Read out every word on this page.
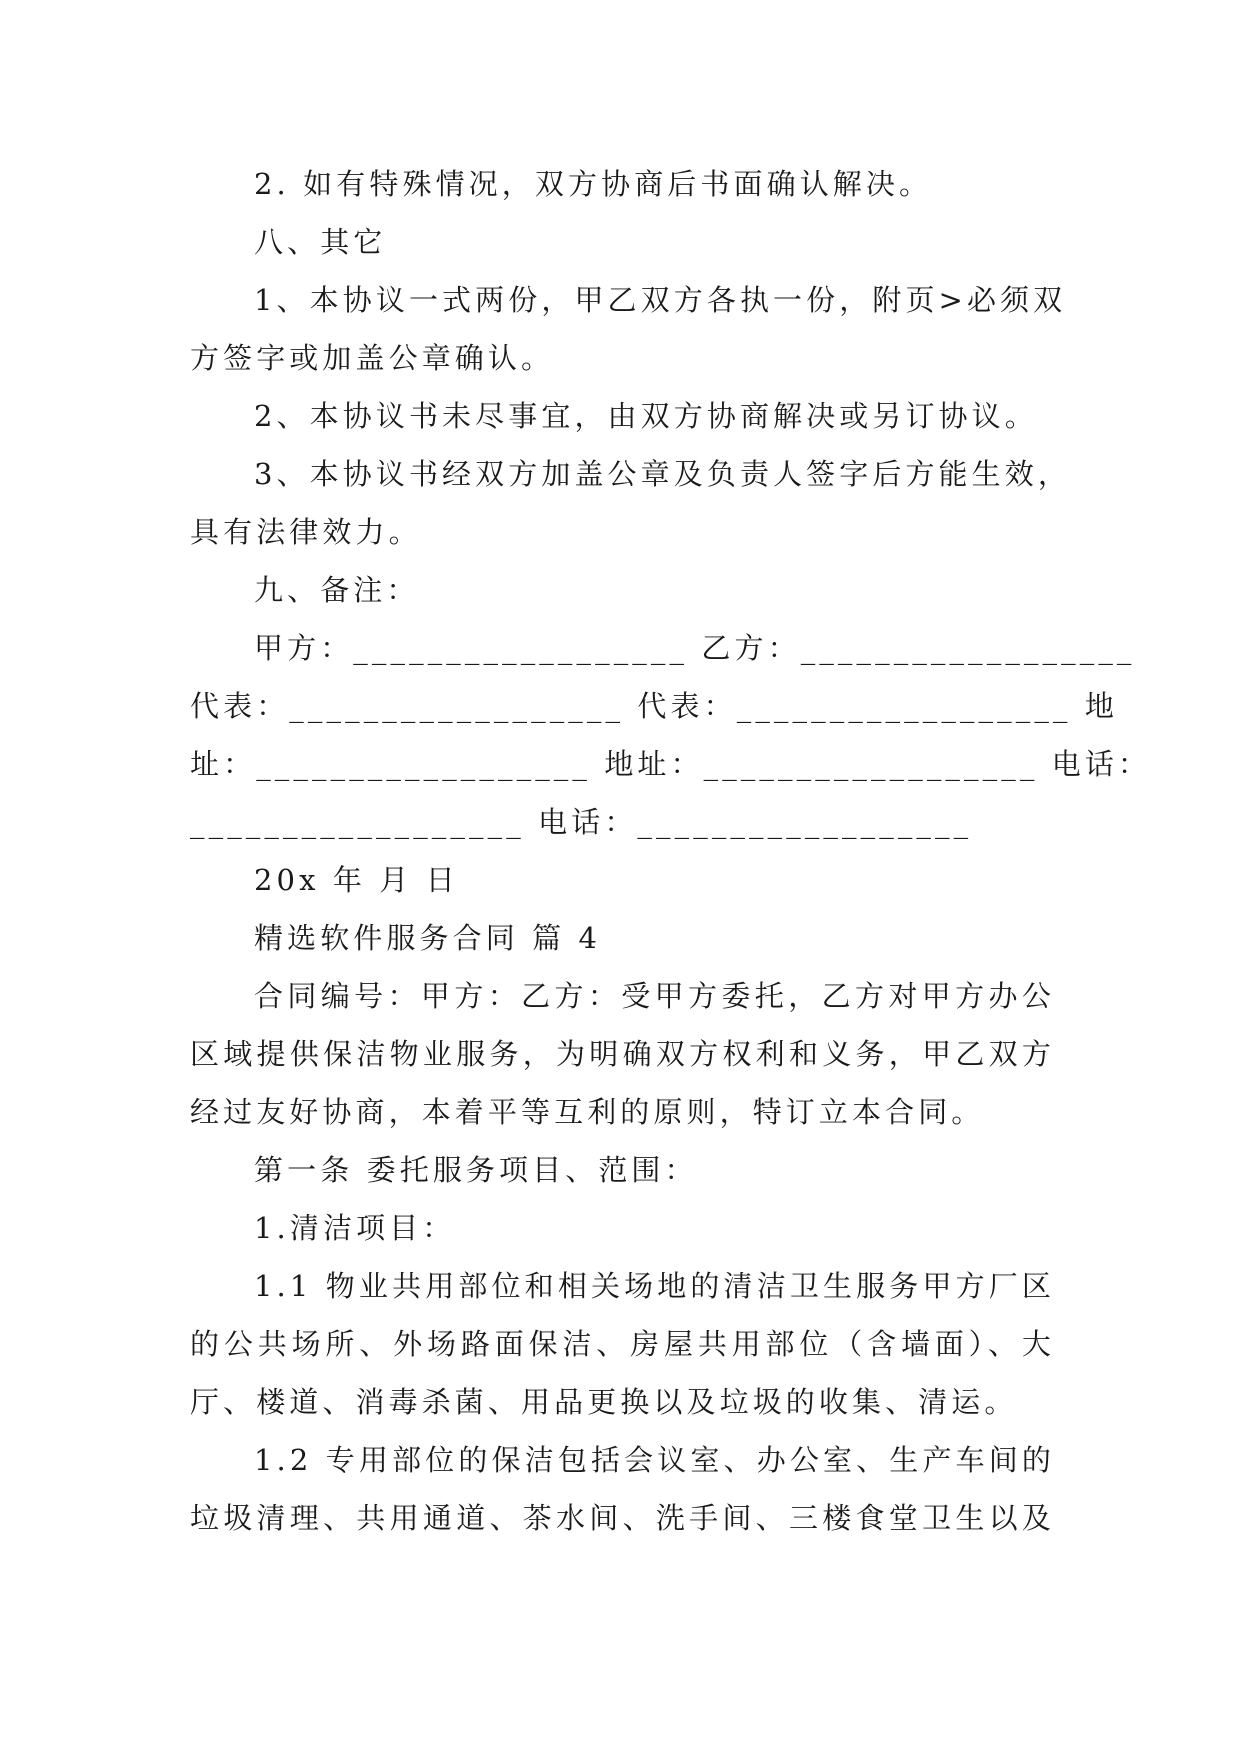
2. 如有特殊情况，双方协商后书面确认解决。
八、其它
1、本协议一式两份，甲乙双方各执一份，附页>必须双
方签字或加盖公章确认。
2、本协议书未尽事宜，由双方协商解决或另订协议。
3、本协议书经双方加盖公章及负责人签字后方能生效，
具有法律效力。
九、备注：
甲方：__________________ 乙方：__________________
代表：__________________ 代表：__________________ 地
址：__________________ 地址：__________________ 电话：
__________________ 电话：__________________
20x 年 月 日
精选软件服务合同 篇 4
合同编号：甲方：乙方：受甲方委托，乙方对甲方办公
区域提供保洁物业服务，为明确双方权利和义务，甲乙双方
经过友好协商，本着平等互利的原则，特订立本合同。
第一条 委托服务项目、范围：
1.清洁项目：
1.1 物业共用部位和相关场地的清洁卫生服务甲方厂区
的公共场所、外场路面保洁、房屋共用部位（含墙面）、大
厅、楼道、消毒杀菌、用品更换以及垃圾的收集、清运。
1.2 专用部位的保洁包括会议室、办公室、生产车间的
垃圾清理、共用通道、茶水间、洗手间、三楼食堂卫生以及
